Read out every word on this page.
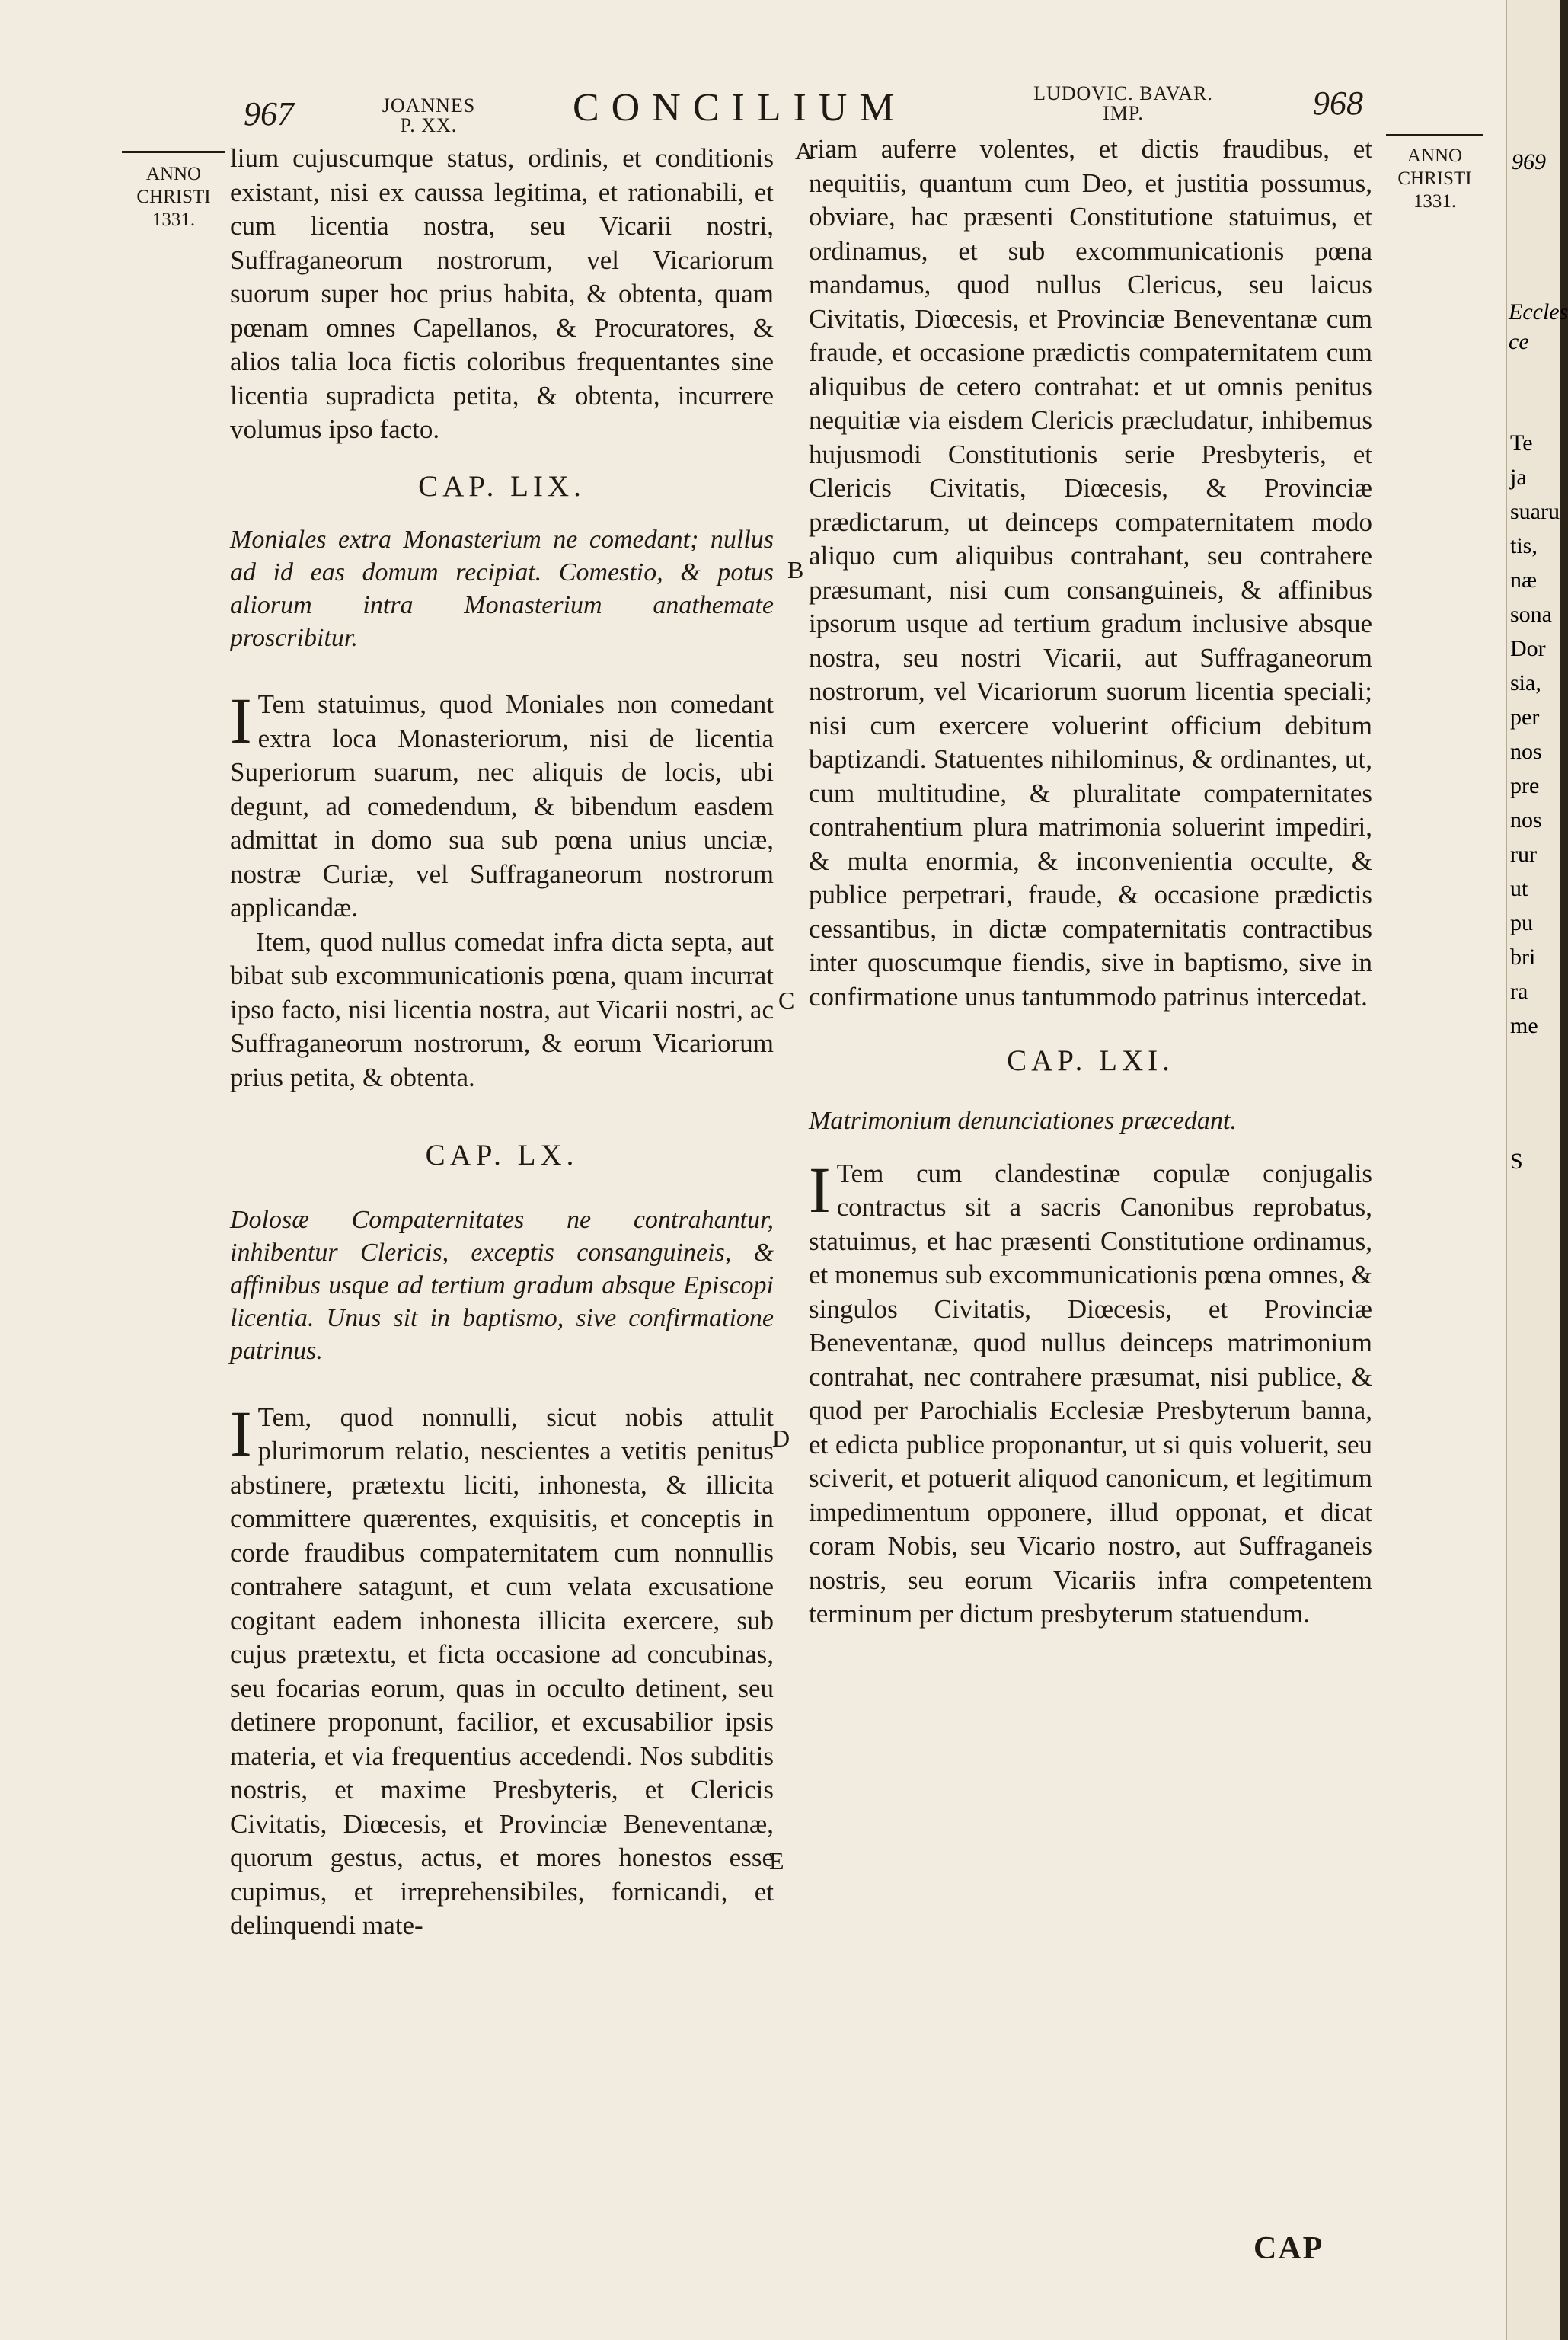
967	JOANNES
P. XX.	CONCILIUM	LUDOVIC. BAVAR.
IMP.	968
ANNO
CHRISTI
1331.
ANNO
CHRISTI
1331.
A
B
C
D
E

lium cujuscumque status, ordinis, et conditionis existant, nisi ex caussa legitima, et rationabili, et cum licentia nostra, seu Vicarii nostri, Suffraganeorum nostrorum, vel Vicariorum suorum super hoc prius habita, & obtenta, quam pœnam omnes Capellanos, & Procuratores, & alios talia loca fictis coloribus frequentantes sine licentia supradicta petita, & obtenta, incurrere volumus ipso facto.

CAP. LIX.

Moniales extra Monasterium ne comedant; nullus ad id eas domum recipiat. Comestio, & potus aliorum intra Monasterium anathemate proscribitur.

I Tem statuimus, quod Moniales non comedant extra loca Monasteriorum, nisi de licentia Superiorum suarum, nec aliquis de locis, ubi degunt, ad comedendum, & bibendum easdem admittat in domo sua sub pœna unius unciæ, nostræ Curiæ, vel Suffraganeorum nostrorum applicandæ.

Item, quod nullus comedat infra dicta septa, aut bibat sub excommunicationis pœna, quam incurrat ipso facto, nisi licentia nostra, aut Vicarii nostri, ac Suffraganeorum nostrorum, & eorum Vicariorum prius petita, & obtenta.

CAP. LX.

Dolosæ Compaternitates ne contrahantur, inhibentur Clericis, exceptis consanguineis, & affinibus usque ad tertium gradum absque Episcopi licentia. Unus sit in baptismo, sive confirmatione patrinus.

I Tem, quod nonnulli, sicut nobis attulit plurimorum relatio, nescientes a vetitis penitus abstinere, prætextu liciti, inhonesta, & illicita committere quærentes, exquisitis, et conceptis in corde fraudibus compaternitatem cum nonnullis contrahere satagunt, et cum velata excusatione cogitant eadem inhonesta illicita exercere, sub cujus prætextu, et ficta occasione ad concubinas, seu focarias eorum, quas in occulto detinent, seu detinere proponunt, facilior, et excusabilior ipsis materia, et via frequentius accedendi. Nos subditis nostris, et maxime Presbyteris, et Clericis Civitatis, Diœcesis, et Provinciæ Beneventanæ, quorum gestus, actus, et mores honestos esse cupimus, et irreprehensibiles, fornicandi, et delinquendi mate-

riam auferre volentes, et dictis fraudibus, et nequitiis, quantum cum Deo, et justitia possumus, obviare, hac præsenti Constitutione statuimus, et ordinamus, et sub excommunicationis pœna mandamus, quod nullus Clericus, seu laicus Civitatis, Diœcesis, et Provinciæ Beneventanæ cum fraude, et occasione prædictis compaternitatem cum aliquibus de cetero contrahat: et ut omnis penitus nequitiæ via eisdem Clericis præcludatur, inhibemus hujusmodi Constitutionis serie Presbyteris, et Clericis Civitatis, Diœcesis, & Provinciæ prædictarum, ut deinceps compaternitatem modo aliquo cum aliquibus contrahant, seu contrahere præsumant, nisi cum consanguineis, & affinibus ipsorum usque ad tertium gradum inclusive absque nostra, seu nostri Vicarii, aut Suffraganeorum nostrorum, vel Vicariorum suorum licentia speciali; nisi cum exercere voluerint officium debitum baptizandi. Statuentes nihilominus, & ordinantes, ut, cum multitudine, & pluralitate compaternitates contrahentium plura matrimonia soluerint impediri, & multa enormia, & inconvenientia occulte, & publice perpetrari, fraude, & occasione prædictis cessantibus, in dictæ compaternitatis contractibus inter quoscumque fiendis, sive in baptismo, sive in confirmatione unus tantummodo patrinus intercedat.

CAP. LXI.

Matrimonium denunciationes præcedant.

I Tem cum clandestinæ copulæ conjugalis contractus sit a sacris Canonibus reprobatus, statuimus, et hac præsenti Constitutione ordinamus, et monemus sub excommunicationis pœna omnes, & singulos Civitatis, Diœcesis, et Provinciæ Beneventanæ, quod nullus deinceps matrimonium contrahat, nec contrahere præsumat, nisi publice, & quod per Parochialis Ecclesiæ Presbyterum banna, et edicta publice proponantur, ut si quis voluerit, seu sciverit, et potuerit aliquod canonicum, et legitimum impedimentum opponere, illud opponat, et dicat coram Nobis, seu Vicario nostro, aut Suffraganeis nostris, seu eorum Vicariis infra competentem terminum per dictum presbyterum statuendum.

CAP
969
Eccles
ce
Te
ja
suaru
tis,
næ
sona
Dor
sia,
per
nos
pre
nos
rur
ut
pu
bri
ra
me
S
